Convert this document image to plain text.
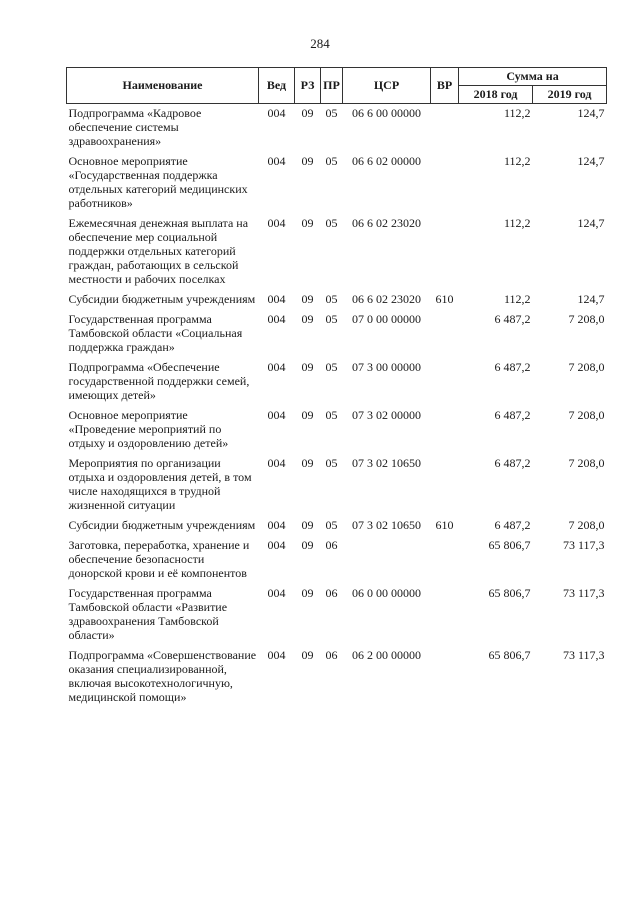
284
Наименование	Вед	РЗ	ПР	ЦСР	ВР	Сумма на	
						2018 год	2019 год
Подпрограмма «Кадровое обеспечение системы здравоохранения»	004	09	05	06 6 00 00000		112,2	124,7
Основное мероприятие «Государственная поддержка отдельных категорий медицинских работников»	004	09	05	06 6 02 00000		112,2	124,7
Ежемесячная денежная выплата на обеспечение мер социальной поддержки отдельных категорий граждан, работающих в сельской местности и рабочих поселках	004	09	05	06 6 02 23020		112,2	124,7
Субсидии бюджетным учреждениям	004	09	05	06 6 02 23020	610	112,2	124,7
Государственная программа Тамбовской области «Социальная поддержка граждан»	004	09	05	07 0 00 00000		6 487,2	7 208,0
Подпрограмма «Обеспечение государственной поддержки семей, имеющих детей»	004	09	05	07 3 00 00000		6 487,2	7 208,0
Основное мероприятие «Проведение мероприятий по отдыху и оздоровлению детей»	004	09	05	07 3 02 00000		6 487,2	7 208,0
Мероприятия по организации отдыха и оздоровления детей, в том числе находящихся в трудной жизненной ситуации	004	09	05	07 3 02 10650		6 487,2	7 208,0
Субсидии бюджетным учреждениям	004	09	05	07 3 02 10650	610	6 487,2	7 208,0
Заготовка, переработка, хранение и обеспечение безопасности донорской крови и её компонентов	004	09	06			65 806,7	73 117,3
Государственная программа Тамбовской области «Развитие здравоохранения Тамбовской области»	004	09	06	06 0 00 00000		65 806,7	73 117,3
Подпрограмма «Совершенствование оказания специализированной, включая высокотехнологичную, медицинской помощи»	004	09	06	06 2 00 00000		65 806,7	73 117,3
